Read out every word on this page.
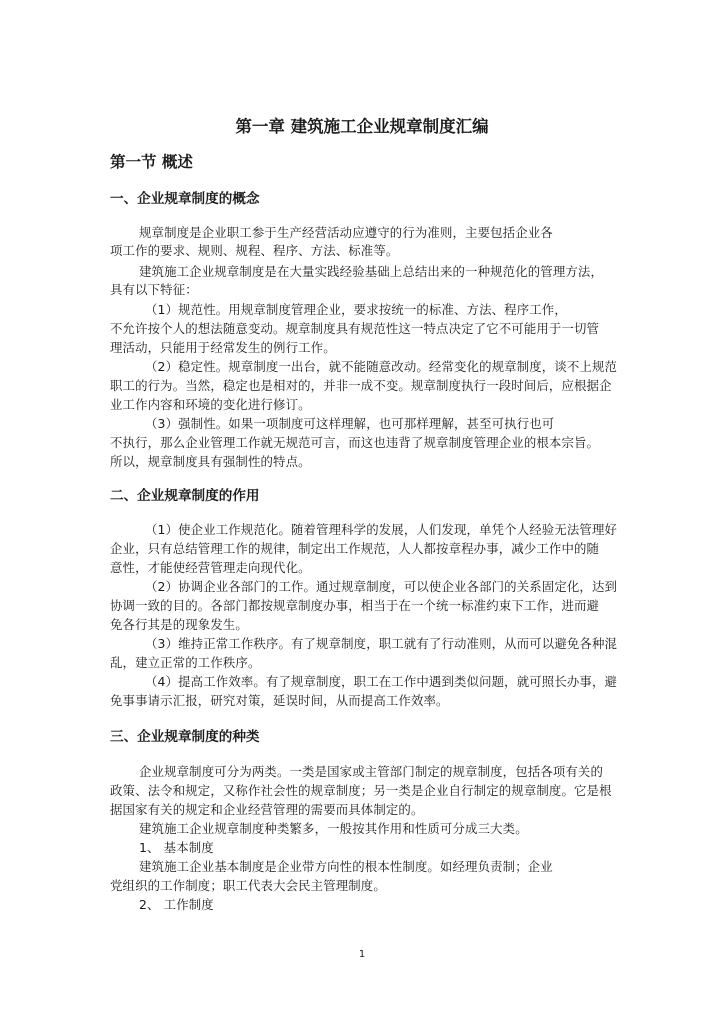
第一章 建筑施工企业规章制度汇编
第一节 概述
一、企业规章制度的概念
规章制度是企业职工参于生产经营活动应遵守的行为准则，主要包括企业各
项工作的要求、规则、规程、程序、方法、标准等。
建筑施工企业规章制度是在大量实践经验基础上总结出来的一种规范化的管理方法，
具有以下特征：
（1）规范性。用规章制度管理企业，要求按统一的标准、方法、程序工作，
不允许按个人的想法随意变动。规章制度具有规范性这一特点决定了它不可能用于一切管
理活动，只能用于经常发生的例行工作。
（2）稳定性。规章制度一出台，就不能随意改动。经常变化的规章制度，谈不上规范
职工的行为。当然，稳定也是相对的，并非一成不变。规章制度执行一段时间后，应根据企
业工作内容和环境的变化进行修订。
（3）强制性。如果一项制度可这样理解，也可那样理解，甚至可执行也可
不执行，那么企业管理工作就无规范可言，而这也违背了规章制度管理企业的根本宗旨。
所以，规章制度具有强制性的特点。
二、企业规章制度的作用
（1）使企业工作规范化。随着管理科学的发展，人们发现，单凭个人经验无法管理好
企业，只有总结管理工作的规律，制定出工作规范，人人都按章程办事，减少工作中的随
意性，才能使经营管理走向现代化。
（2）协调企业各部门的工作。通过规章制度，可以使企业各部门的关系固定化，达到
协调一致的目的。各部门都按规章制度办事，相当于在一个统一标准约束下工作，进而避
免各行其是的现象发生。
（3）维持正常工作秩序。有了规章制度，职工就有了行动准则，从而可以避免各种混
乱，建立正常的工作秩序。
（4）提高工作效率。有了规章制度，职工在工作中遇到类似问题，就可照长办事，避
免事事请示汇报，研究对策，延误时间，从而提高工作效率。
三、企业规章制度的种类
企业规章制度可分为两类。一类是国家或主管部门制定的规章制度，包括各项有关的
政策、法令和规定，又称作社会性的规章制度；另一类是企业自行制定的规章制度。它是根
据国家有关的规定和企业经营管理的需要而具体制定的。
建筑施工企业规章制度种类繁多，一般按其作用和性质可分成三大类。
1、 基本制度
建筑施工企业基本制度是企业带方向性的根本性制度。如经理负责制；企业
党组织的工作制度；职工代表大会民主管理制度。
2、 工作制度
1
